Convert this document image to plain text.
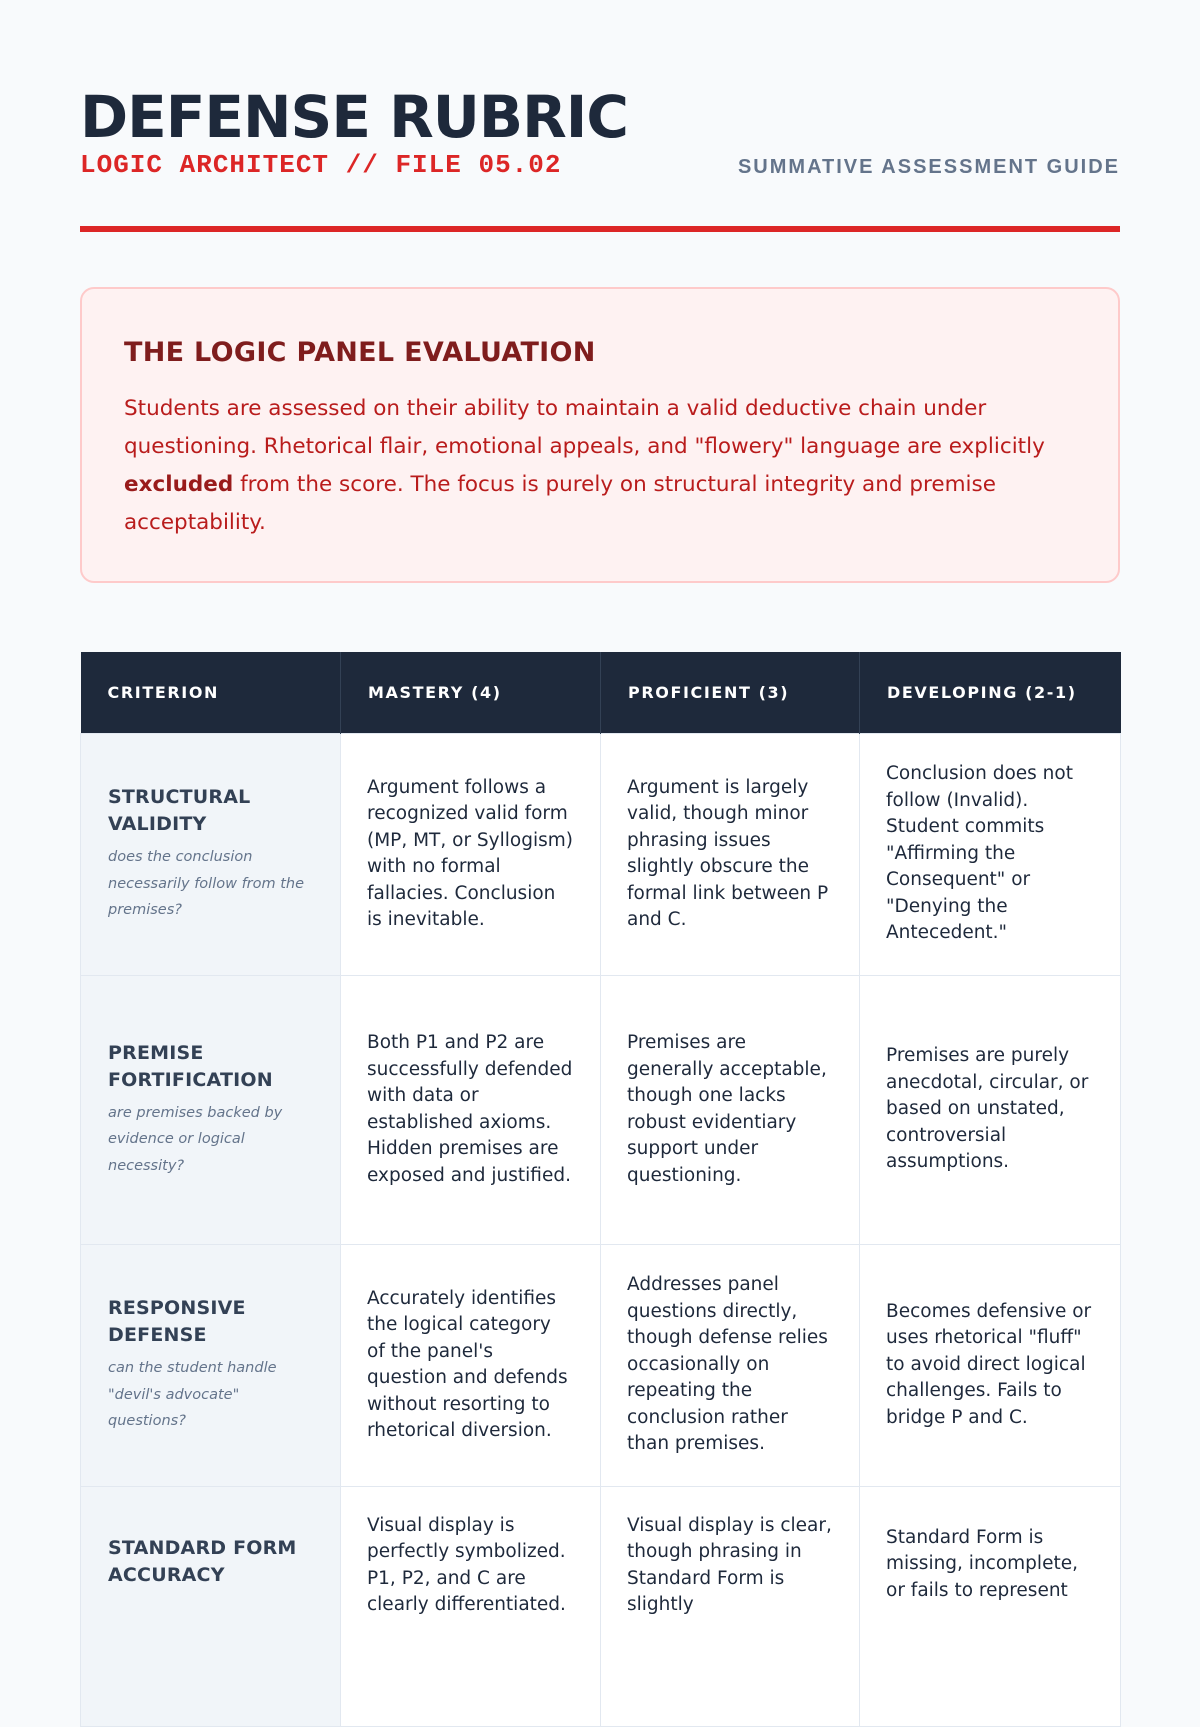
DEFENSE RUBRIC
LOGIC ARCHITECT // FILE 05.02	SUMMATIVE ASSESSMENT GUIDE
THE LOGIC PANEL EVALUATION

Students are assessed on their ability to maintain a valid deductive chain under questioning. Rhetorical flair, emotional appeals, and "flowery" language are explicitly excluded from the score. The focus is purely on structural integrity and premise acceptability.

CRITERION	MASTERY (4)	PROFICIENT (3)	DEVELOPING (2-1)

STRUCTURAL VALIDITY
does the conclusion necessarily follow from the premises?	Argument follows a recognized valid form (MP, MT, or Syllogism) with no formal fallacies. Conclusion is inevitable.	Argument is largely valid, though minor phrasing issues slightly obscure the formal link between P and C.	Conclusion does not follow (Invalid). Student commits "Affirming the Consequent" or "Denying the Antecedent."

PREMISE FORTIFICATION
are premises backed by evidence or logical necessity?	Both P1 and P2 are successfully defended with data or established axioms. Hidden premises are exposed and justified.	Premises are generally acceptable, though one lacks robust evidentiary support under questioning.	Premises are purely anecdotal, circular, or based on unstated, controversial assumptions.

RESPONSIVE DEFENSE
can the student handle "devil's advocate" questions?	Accurately identifies the logical category of the panel's question and defends without resorting to rhetorical diversion.	Addresses panel questions directly, though defense relies occasionally on repeating the conclusion rather than premises.	Becomes defensive or uses rhetorical "fluff" to avoid direct logical challenges. Fails to bridge P and C.

STANDARD FORM ACCURACY	Visual display is perfectly symbolized. P1, P2, and C are clearly differentiated.	Visual display is clear, though phrasing in Standard Form is slightly	Standard Form is missing, incomplete, or fails to represent
